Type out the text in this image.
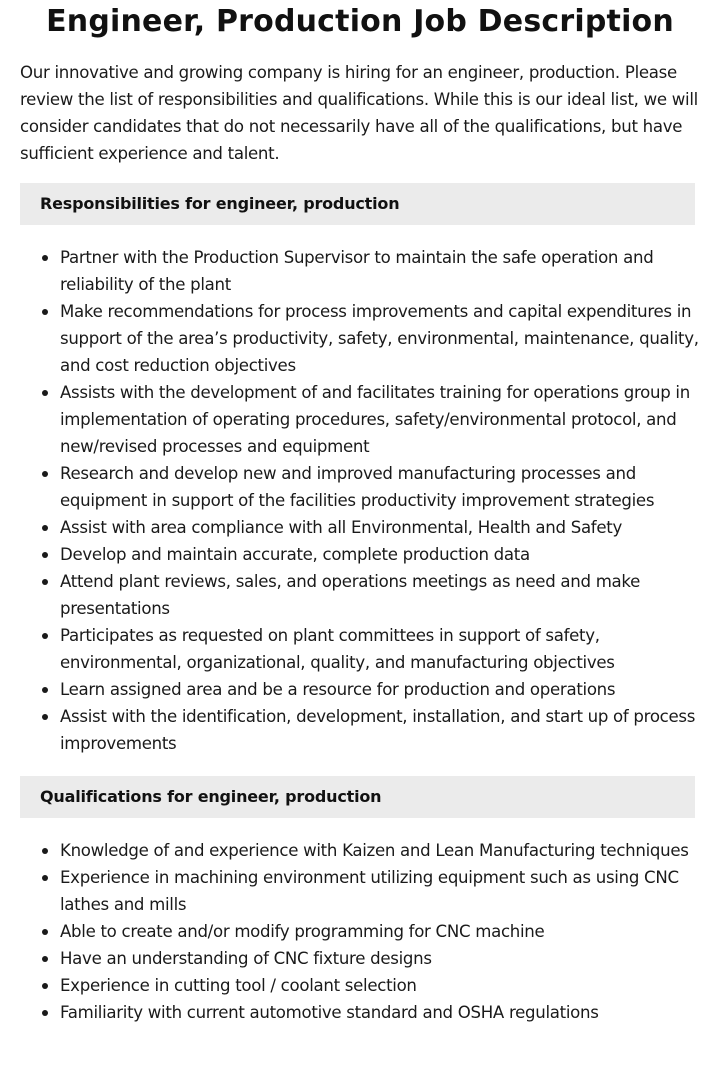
Engineer, Production Job Description

Our innovative and growing company is hiring for an engineer, production. Please review the list of responsibilities and qualifications. While this is our ideal list, we will consider candidates that do not necessarily have all of the qualifications, but have sufficient experience and talent.

Responsibilities for engineer, production
Partner with the Production Supervisor to maintain the safe operation and reliability of the plant
Make recommendations for process improvements and capital expenditures in support of the area’s productivity, safety, environmental, maintenance, quality, and cost reduction objectives
Assists with the development of and facilitates training for operations group in implementation of operating procedures, safety/environmental protocol, and new/revised processes and equipment
Research and develop new and improved manufacturing processes and equipment in support of the facilities productivity improvement strategies
Assist with area compliance with all Environmental, Health and Safety
Develop and maintain accurate, complete production data
Attend plant reviews, sales, and operations meetings as need and make presentations
Participates as requested on plant committees in support of safety, environmental, organizational, quality, and manufacturing objectives
Learn assigned area and be a resource for production and operations
Assist with the identification, development, installation, and start up of process improvements
Qualifications for engineer, production
Knowledge of and experience with Kaizen and Lean Manufacturing techniques
Experience in machining environment utilizing equipment such as using CNC lathes and mills
Able to create and/or modify programming for CNC machine
Have an understanding of CNC fixture designs
Experience in cutting tool / coolant selection
Familiarity with current automotive standard and OSHA regulations
